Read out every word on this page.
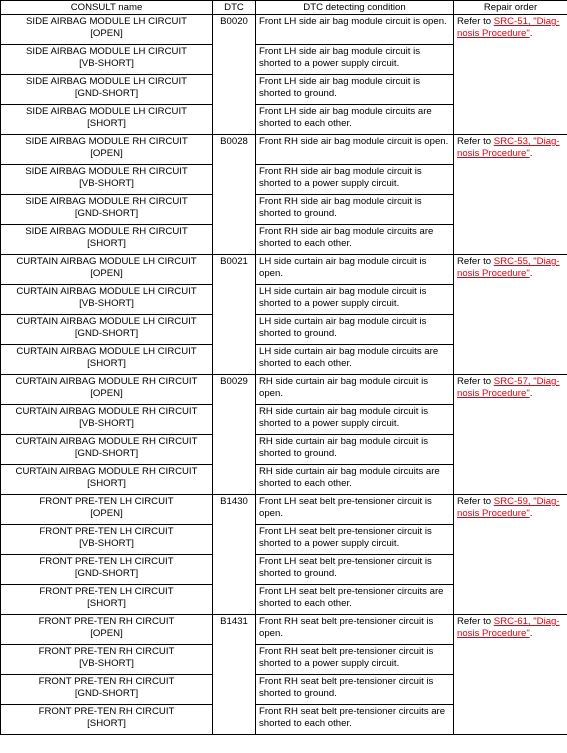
CONSULT name	DTC	DTC detecting condition	Repair order

SIDE AIRBAG MODULE LH CIRCUIT
[OPEN]	B0020	Front LH side air bag module circuit is open.	Refer to SRC-51, "Diag-nosis Procedure".

SIDE AIRBAG MODULE LH CIRCUIT
[VB-SHORT]		Front LH side air bag module circuit is shorted to a power supply circuit.	

SIDE AIRBAG MODULE LH CIRCUIT
[GND-SHORT]		Front LH side air bag module circuit is shorted to ground.	

SIDE AIRBAG MODULE LH CIRCUIT
[SHORT]		Front LH side air bag module circuits are shorted to each other.	

SIDE AIRBAG MODULE RH CIRCUIT
[OPEN]	B0028	Front RH side air bag module circuit is open.	Refer to SRC-53, "Diag-nosis Procedure".

SIDE AIRBAG MODULE RH CIRCUIT
[VB-SHORT]		Front RH side air bag module circuit is shorted to a power supply circuit.	

SIDE AIRBAG MODULE RH CIRCUIT
[GND-SHORT]		Front RH side air bag module circuit is shorted to ground.	

SIDE AIRBAG MODULE RH CIRCUIT
[SHORT]		Front RH side air bag module circuits are shorted to each other.	

CURTAIN AIRBAG MODULE LH CIRCUIT
[OPEN]	B0021	LH side curtain air bag module circuit is open.	Refer to SRC-55, "Diag-nosis Procedure".

CURTAIN AIRBAG MODULE LH CIRCUIT
[VB-SHORT]		LH side curtain air bag module circuit is shorted to a power supply circuit.	

CURTAIN AIRBAG MODULE LH CIRCUIT
[GND-SHORT]		LH side curtain air bag module circuit is shorted to ground.	

CURTAIN AIRBAG MODULE LH CIRCUIT
[SHORT]		LH side curtain air bag module circuits are shorted to each other.	

CURTAIN AIRBAG MODULE RH CIRCUIT
[OPEN]	B0029	RH side curtain air bag module circuit is open.	Refer to SRC-57, "Diag-nosis Procedure".

CURTAIN AIRBAG MODULE RH CIRCUIT
[VB-SHORT]		RH side curtain air bag module circuit is shorted to a power supply circuit.	

CURTAIN AIRBAG MODULE RH CIRCUIT
[GND-SHORT]		RH side curtain air bag module circuit is shorted to ground.	

CURTAIN AIRBAG MODULE RH CIRCUIT
[SHORT]		RH side curtain air bag module circuits are shorted to each other.	

FRONT PRE-TEN LH CIRCUIT
[OPEN]	B1430	Front LH seat belt pre-tensioner circuit is open.	Refer to SRC-59, "Diag-nosis Procedure".

FRONT PRE-TEN LH CIRCUIT
[VB-SHORT]		Front LH seat belt pre-tensioner circuit is shorted to a power supply circuit.	

FRONT PRE-TEN LH CIRCUIT
[GND-SHORT]		Front LH seat belt pre-tensioner circuit is shorted to ground.	

FRONT PRE-TEN LH CIRCUIT
[SHORT]		Front LH seat belt pre-tensioner circuits are shorted to each other.	

FRONT PRE-TEN RH CIRCUIT
[OPEN]	B1431	Front RH seat belt pre-tensioner circuit is open.	Refer to SRC-61, "Diag-nosis Procedure".

FRONT PRE-TEN RH CIRCUIT
[VB-SHORT]		Front RH seat belt pre-tensioner circuit is shorted to a power supply circuit.	

FRONT PRE-TEN RH CIRCUIT
[GND-SHORT]		Front RH seat belt pre-tensioner circuit is shorted to ground.	

FRONT PRE-TEN RH CIRCUIT
[SHORT]		Front RH seat belt pre-tensioner circuits are shorted to each other.	
